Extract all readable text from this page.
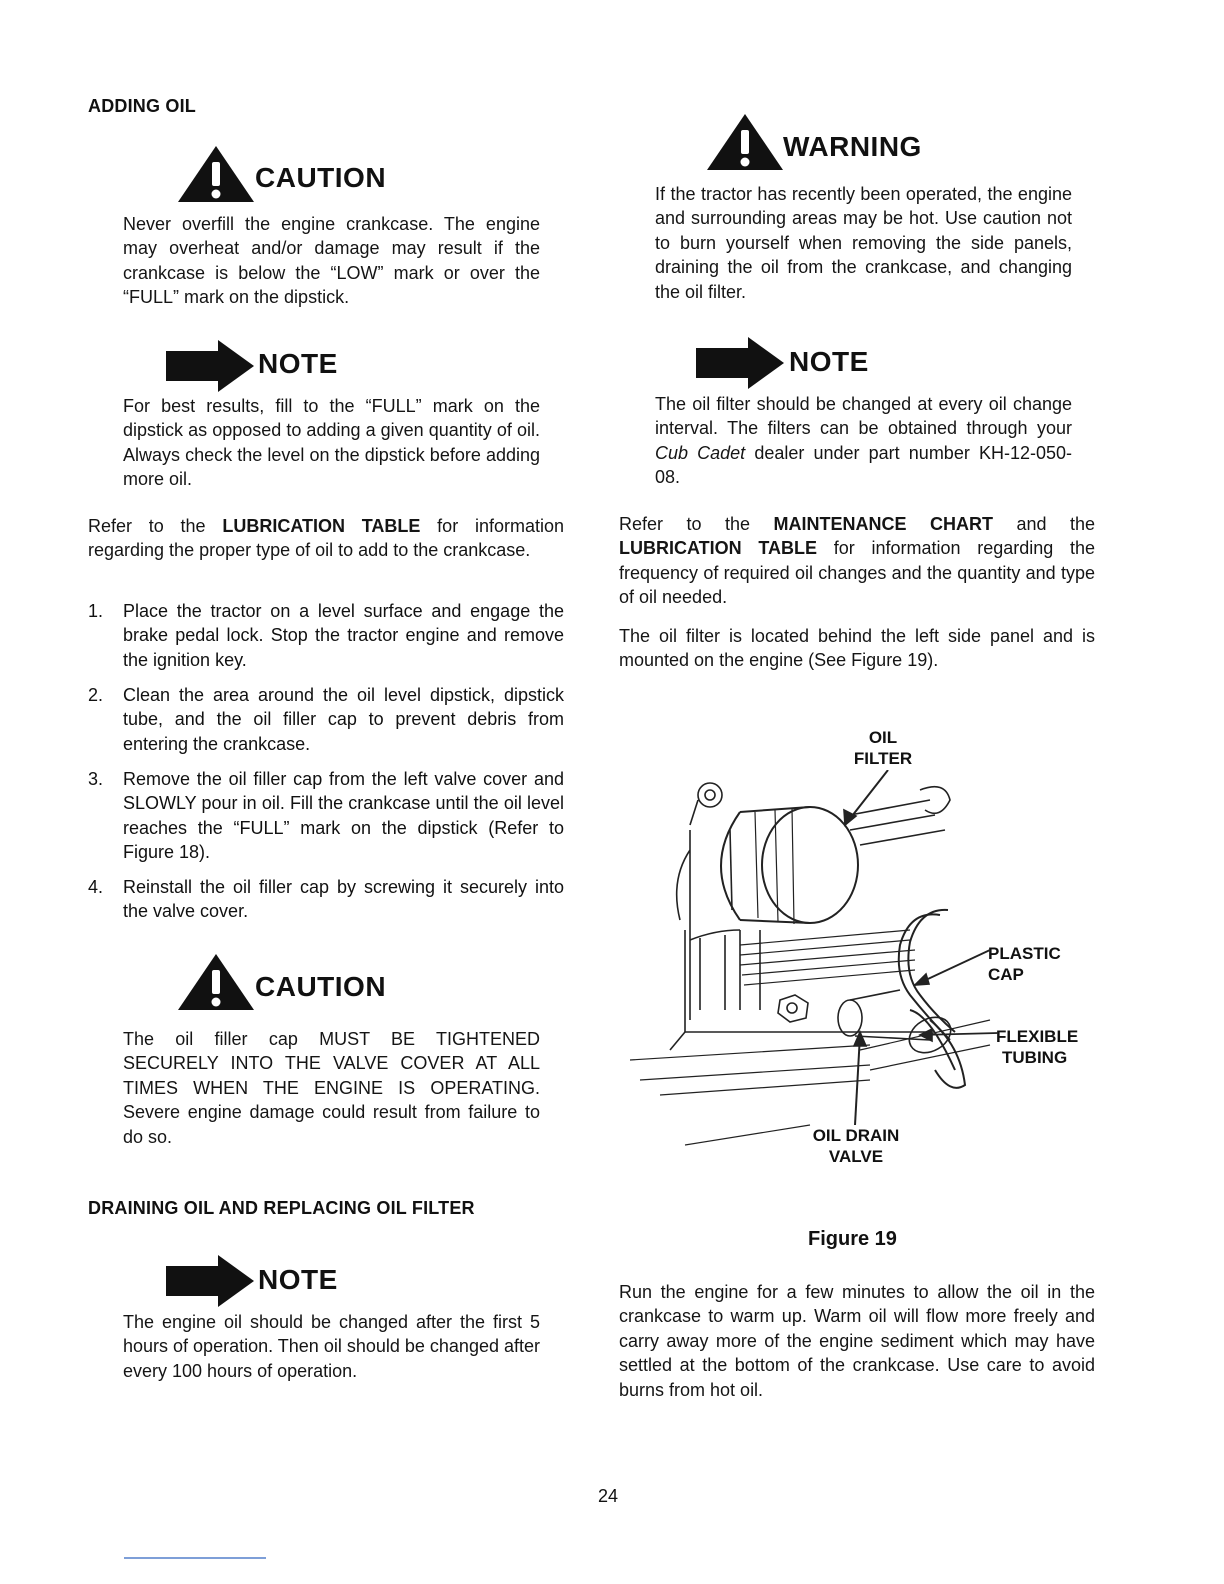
ADDING OIL
CAUTION
Never overfill the engine crankcase. The engine may overheat and/or damage may result if the crankcase is below the “LOW” mark or over the “FULL” mark on the dipstick.
NOTE
For best results, fill to the “FULL” mark on the dipstick as opposed to adding a given quantity of oil. Always check the level on the dipstick before adding more oil.
Refer to the LUBRICATION TABLE for information regarding the proper type of oil to add to the crankcase.
1.	Place the tractor on a level surface and engage the brake pedal lock. Stop the tractor engine and remove the ignition key.
2.	Clean the area around the oil level dipstick, dipstick tube, and the oil filler cap to prevent debris from entering the crankcase.
3.	Remove the oil filler cap from the left valve cover and SLOWLY pour in oil. Fill the crankcase until the oil level reaches the “FULL” mark on the dipstick (Refer to Figure 18).
4.	Reinstall the oil filler cap by screwing it securely into the valve cover.
CAUTION
The oil filler cap MUST BE TIGHTENED SECURELY INTO THE VALVE COVER AT ALL TIMES WHEN THE ENGINE IS OPERATING. Severe engine damage could result from failure to do so.
DRAINING OIL AND REPLACING OIL FILTER
NOTE
The engine oil should be changed after the first 5 hours of operation. Then oil should be changed after every 100 hours of operation.
WARNING
If the tractor has recently been operated, the engine and surrounding areas may be hot. Use caution not to burn yourself when removing the side panels, draining the oil from the crankcase, and changing the oil filter.
NOTE
The oil filter should be changed at every oil change interval. The filters can be obtained through your Cub Cadet dealer under part number KH-12-050-08.
Refer to the MAINTENANCE CHART and the LUBRICATION TABLE for information regarding the frequency of required oil changes and the quantity and type of oil needed.
The oil filter is located behind the left side panel and is mounted on the engine (See Figure 19).
OIL
FILTER
PLASTIC
CAP
FLEXIBLE
TUBING
OIL DRAIN
VALVE
Figure 19
Run the engine for a few minutes to allow the oil in the crankcase to warm up. Warm oil will flow more freely and carry away more of the engine sediment which may have settled at the bottom of the crankcase. Use care to avoid burns from hot oil.
24
